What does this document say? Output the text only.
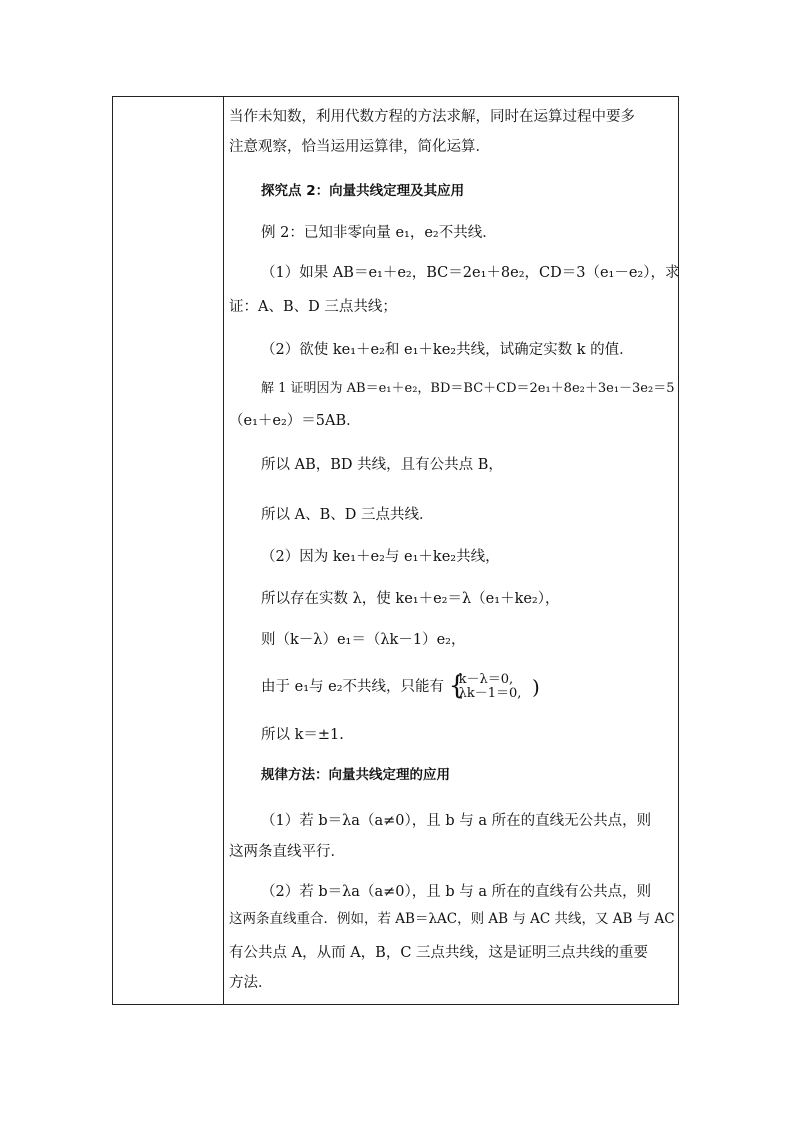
当作未知数，利用代数方程的方法求解，同时在运算过程中要多
注意观察，恰当运用运算律，简化运算．
探究点 2：向量共线定理及其应用
例 2：已知非零向量 e₁，e₂不共线．
（1）如果 AB＝e₁＋e₂，BC＝2e₁＋8e₂，CD＝3（e₁－e₂），求
证：A、B、D 三点共线；
（2）欲使 ke₁＋e₂和 e₁＋ke₂共线，试确定实数 k 的值．
解 1 证明因为 AB＝e₁＋e₂，BD＝BC＋CD＝2e₁＋8e₂＋3e₁－3e₂＝5
（e₁＋e₂）＝5AB．
所以 AB，BD 共线，且有公共点 B，
所以 A、B、D 三点共线．
（2）因为 ke₁＋e₂与 e₁＋ke₂共线，
所以存在实数 λ，使 ke₁＋e₂＝λ（e₁＋ke₂），
则（k－λ）e₁＝（λk－1）e₂，
由于 e₁与 e₂不共线，只能有 {
k－λ＝0,
λk－1＝0, )
所以 k＝±1.
规律方法：向量共线定理的应用
（1）若 b＝λa（a≠0），且 b 与 a 所在的直线无公共点，则
这两条直线平行．
（2）若 b＝λa（a≠0），且 b 与 a 所在的直线有公共点，则
这两条直线重合．例如，若 AB＝λAC，则 AB 与 AC 共线，又 AB 与 AC
有公共点 A，从而 A，B，C 三点共线，这是证明三点共线的重要
方法．
